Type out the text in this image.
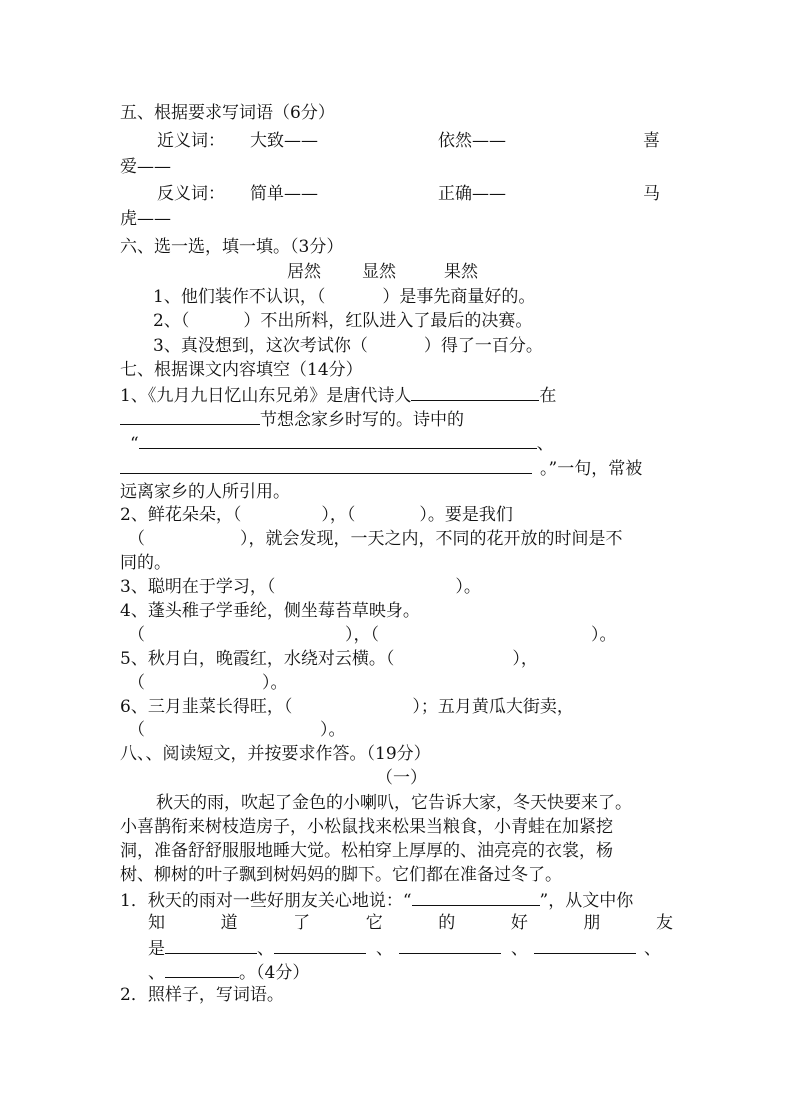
五、根据要求写词语（6分）
近义词： 大致——	依然——	喜
爱——
反义词： 简单——	正确——	马
虎——
六、选一选，填一填。（3分）
居然 显然	果然
1、他们装作不认识，（	）是事先商量好的。
2、（	）不出所料，红队进入了最后的决赛。
3、真没想到，这次考试你（	）得了一百分。
七、根据课文内容填空（14分）
1、《九月九日忆山东兄弟》是唐代诗人	在
节想念家乡时写的。诗中的
“	、
。”一句，常被
远离家乡的人所引用。
2、鲜花朵朵，（	），（	）。要是我们
（	），就会发现，一天之内，不同的花开放的时间是不
同的。
3、聪明在于学习，（	）。
4、蓬头稚子学垂纶，侧坐莓苔草映身。
（	），（	）。
5、秋月白，晚霞红，水绕对云横。（	），
（	）。
6、三月韭菜长得旺，（	）；五月黄瓜大街卖，
（	）。
八、、阅读短文，并按要求作答。（19分）
（一）
秋天的雨，吹起了金色的小喇叭，它告诉大家，冬天快要来了。
小喜鹊衔来树枝造房子，小松鼠找来松果当粮食，小青蛙在加紧挖
洞，准备舒舒服服地睡大觉。松柏穿上厚厚的、油亮亮的衣裳，杨
树、柳树的叶子飘到树妈妈的脚下。它们都在准备过冬了。
1．秋天的雨对一些好朋友关心地说：“	”，从文中你
知	道	了	它	的	好	朋	友
是	、	、	、	、
、	。（4分）
2．照样子，写词语。
